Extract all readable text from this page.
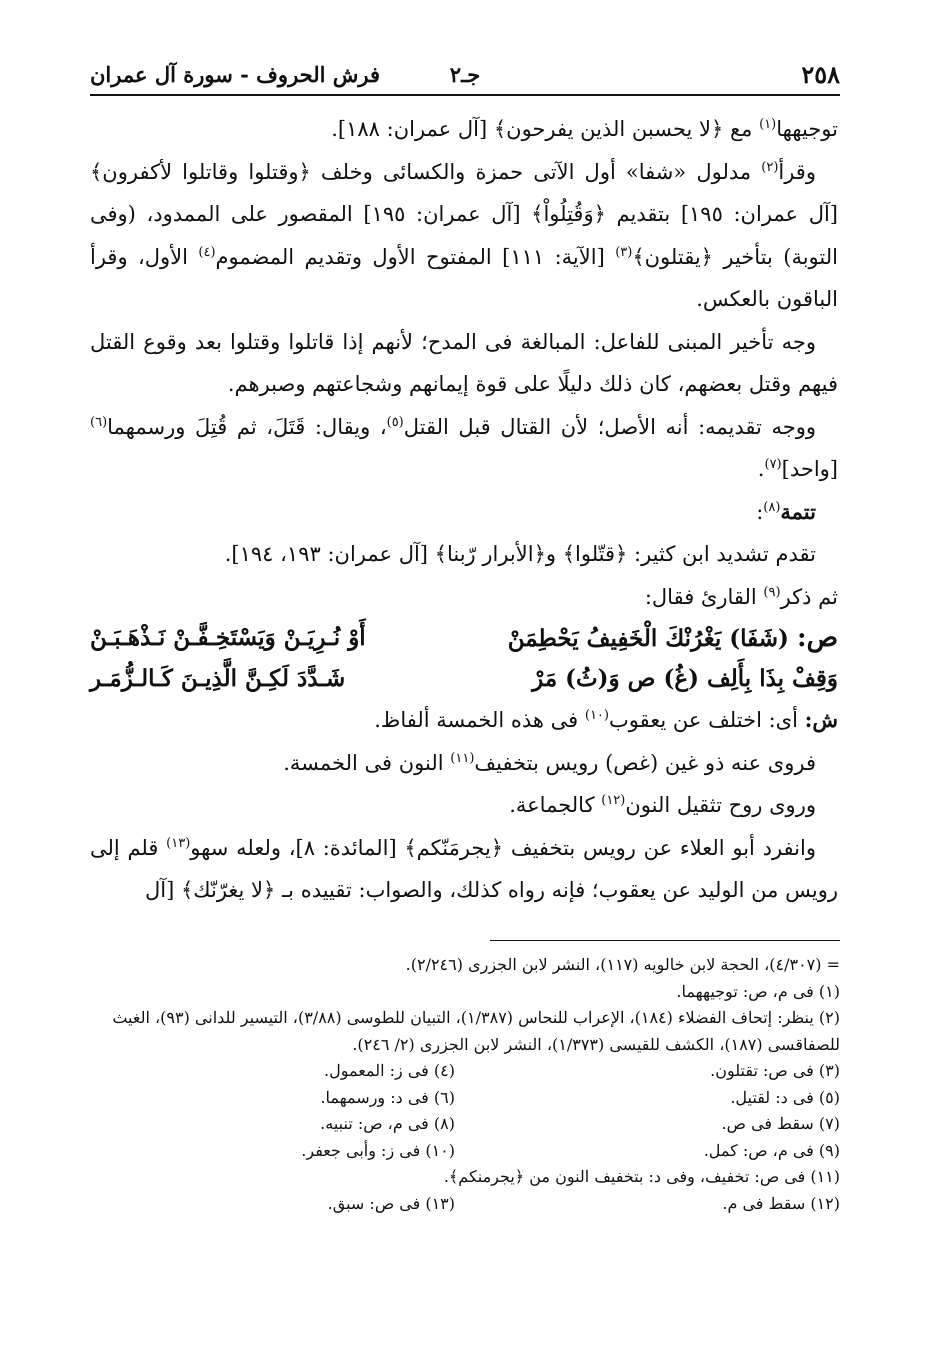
٢٥٨
جـ٢
فرش الحروف - سورة آل عمران

توجيهها$^{(١)}$ مع ﴿لا يحسبن الذين يفرحون﴾ [آل عمران: ١٨٨].

وقرأ$^{(٢)}$ مدلول «شفا» أول الآتى حمزة والكسائى وخلف ﴿وقتلوا وقاتلوا لأكفرون﴾ [آل عمران: ١٩٥] بتقديم ﴿وَقُتِلُواْ﴾ [آل عمران: ١٩٥] المقصور على الممدود، (وفى التوبة) بتأخير ﴿يقتلون﴾$^{(٣)}$ [الآية: ١١١] المفتوح الأول وتقديم المضموم$^{(٤)}$ الأول، وقرأ الباقون بالعكس.

وجه تأخير المبنى للفاعل: المبالغة فى المدح؛ لأنهم إذا قاتلوا وقتلوا بعد وقوع القتل فيهم وقتل بعضهم، كان ذلك دليلًا على قوة إيمانهم وشجاعتهم وصبرهم.

ووجه تقديمه: أنه الأصل؛ لأن القتال قبل القتل$^{(٥)}$، ويقال: قَتَلَ، ثم قُتِلَ ورسمهما$^{(٦)}$ [واحد]$^{(٧)}$.

تتمة$^{(٨)}$:

تقدم تشديد ابن كثير: ﴿قتّلوا﴾ و﴿الأبرار رّبنا﴾ [آل عمران: ١٩٣، ١٩٤].

ثم ذكر$^{(٩)}$ القارئ فقال:

ص: (شَفَا) يَغْرُنْكَ الْخَفِيفُ يَحْطِمَنْ
أَوْ نُـرِيَـنْ وَيَسْتَخِـفَّـنْ نَـذْهَـبَـنْ
وَقِفْ بِذَا بِأَلِف (غُ) ص وَ(ثُ) مَرْ
شَـدَّدَ لَكِـنَّ الَّذِيـنَ كَـالـزُّمَـر

ش: أى: اختلف عن يعقوب$^{(١٠)}$ فى هذه الخمسة ألفاظ.

فروى عنه ذو غين (غص) رويس بتخفيف$^{(١١)}$ النون فى الخمسة.

وروى روح تثقيل النون$^{(١٢)}$ كالجماعة.

وانفرد أبو العلاء عن رويس بتخفيف ﴿يجرمَنّكم﴾ [المائدة: ٨]، ولعله سهو$^{(١٣)}$ قلم إلى رويس من الوليد عن يعقوب؛ فإنه رواه كذلك، والصواب: تقييده بـ ﴿لا يغرّنّك﴾ [آل

= (٤/٣٠٧)، الحجة لابن خالويه (١١٧)، النشر لابن الجزرى (٢/٢٤٦).

(١) فى م، ص: توجيههما.

(٢) ينظر: إتحاف الفضلاء (١٨٤)، الإعراب للنحاس (١/٣٨٧)، التبيان للطوسى (٣/٨٨)، التيسير للدانى (٩٣)، الغيث للصفاقسى (١٨٧)، الكشف للقيسى (١/٣٧٣)، النشر لابن الجزرى (٢/ ٢٤٦).

(٣) فى ص: تقتلون.

(٤) فى ز: المعمول.

(٥) فى د: لقتيل.

(٦) فى د: ورسمهما.

(٧) سقط فى ص.

(٨) فى م، ص: تنبيه.

(٩) فى م، ص: كمل.

(١٠) فى ز: وأبى جعفر.

(١١) فى ص: تخفيف، وفى د: بتخفيف النون من ﴿يجرمنكم﴾.

(١٢) سقط فى م.

(١٣) فى ص: سبق.
